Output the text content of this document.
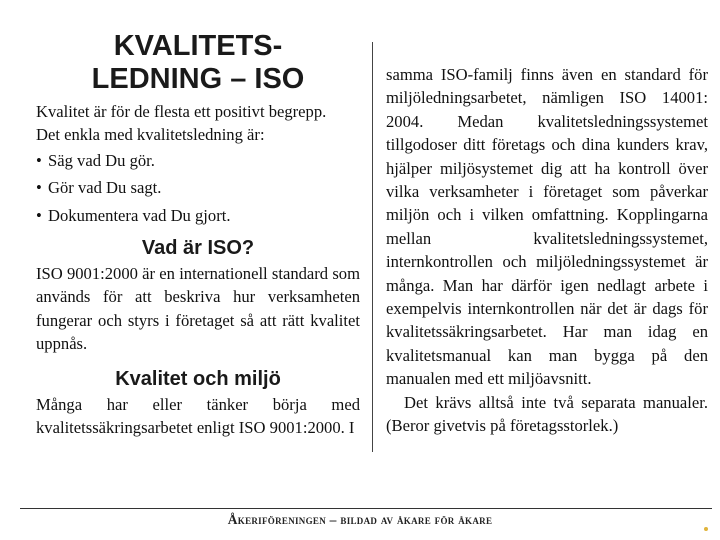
KVALITETS-
LEDNING – ISO

Kvalitet är för de flesta ett positivt begrepp.

Det enkla med kvalitetsledning är:

• Säg vad Du gör.
• Gör vad Du sagt.
• Dokumentera vad Du gjort.
Vad är ISO?

ISO 9001:2000 är en internationell standard som används för att beskriva hur verksamheten fungerar och styrs i företaget så att rätt kvalitet uppnås.

Kvalitet och miljö

Många har eller tänker börja med kvalitetssäkringsarbetet enligt ISO 9001:2000. I

samma ISO-familj finns även en standard för miljöledningsarbetet, nämligen ISO 14001: 2004. Medan kvalitetsledningssystemet tillgodoser ditt företags och dina kunders krav, hjälper miljösystemet dig att ha kontroll över vilka verksamheter i företaget som påverkar miljön och i vilken omfattning. Kopplingarna mellan kvalitetsledningssystemet, internkontrollen och miljöledningssystemet är många. Man har därför igen nedlagt arbete i exempelvis internkontrollen när det är dags för kvalitetssäkringsarbetet. Har man idag en kvalitetsmanual kan man bygga på den manualen med ett miljöavsnitt.

Det krävs alltså inte två separata manualer. (Beror givetvis på företagsstorlek.)

Åkeriföreningen – bildad av åkare för åkare
